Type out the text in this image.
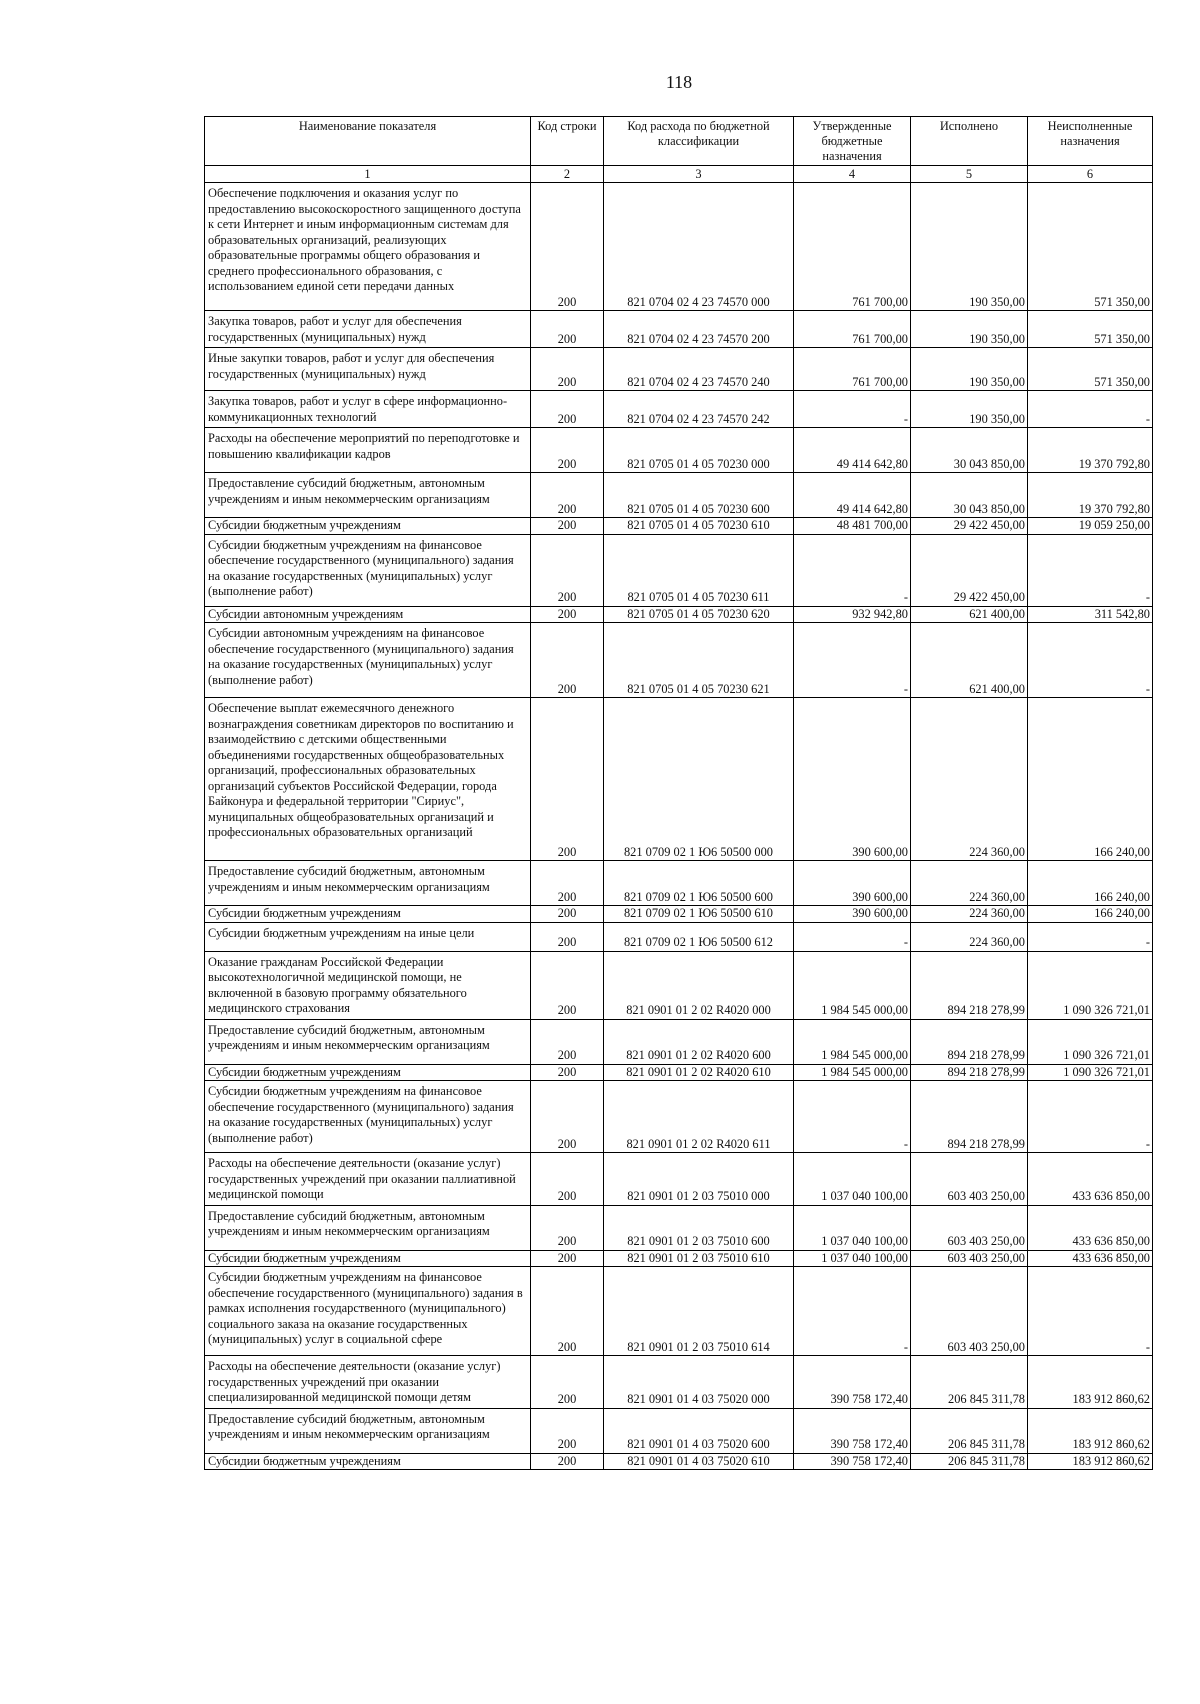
118
Наименование показателя	Код строки	Код расхода по бюджетной классификации	Утвержденные бюджетные назначения	Исполнено	Неисполненные назначения
1	2	3	4	5	6
Обеспечение подключения и оказания услуг по предоставлению высокоскоростного защищенного доступа к сети Интернет и иным информационным системам для образовательных организаций, реализующих образовательные программы общего образования и среднего профессионального образования, с использованием единой сети передачи данных	200	821 0704 02 4 23 74570 000	761 700,00	190 350,00	571 350,00
Закупка товаров, работ и услуг для обеспечения государственных (муниципальных) нужд	200	821 0704 02 4 23 74570 200	761 700,00	190 350,00	571 350,00
Иные закупки товаров, работ и услуг для обеспечения государственных (муниципальных) нужд	200	821 0704 02 4 23 74570 240	761 700,00	190 350,00	571 350,00
Закупка товаров, работ и услуг в сфере информационно-коммуникационных технологий	200	821 0704 02 4 23 74570 242	-	190 350,00	-
Расходы на обеспечение мероприятий по переподготовке и повышению квалификации кадров	200	821 0705 01 4 05 70230 000	49 414 642,80	30 043 850,00	19 370 792,80
Предоставление субсидий бюджетным, автономным учреждениям и иным некоммерческим организациям	200	821 0705 01 4 05 70230 600	49 414 642,80	30 043 850,00	19 370 792,80
Субсидии бюджетным учреждениям	200	821 0705 01 4 05 70230 610	48 481 700,00	29 422 450,00	19 059 250,00
Субсидии бюджетным учреждениям на финансовое обеспечение государственного (муниципального) задания на оказание государственных (муниципальных) услуг (выполнение работ)	200	821 0705 01 4 05 70230 611	-	29 422 450,00	-
Субсидии автономным учреждениям	200	821 0705 01 4 05 70230 620	932 942,80	621 400,00	311 542,80
Субсидии автономным учреждениям на финансовое обеспечение государственного (муниципального) задания на оказание государственных (муниципальных) услуг (выполнение работ)	200	821 0705 01 4 05 70230 621	-	621 400,00	-
Обеспечение выплат ежемесячного денежного вознаграждения советникам директоров по воспитанию и взаимодействию с детскими общественными объединениями государственных общеобразовательных организаций, профессиональных образовательных организаций субъектов Российской Федерации, города Байконура и федеральной территории "Сириус", муниципальных общеобразовательных организаций и профессиональных образовательных организаций	200	821 0709 02 1 Ю6 50500 000	390 600,00	224 360,00	166 240,00
Предоставление субсидий бюджетным, автономным учреждениям и иным некоммерческим организациям	200	821 0709 02 1 Ю6 50500 600	390 600,00	224 360,00	166 240,00
Субсидии бюджетным учреждениям	200	821 0709 02 1 Ю6 50500 610	390 600,00	224 360,00	166 240,00
Субсидии бюджетным учреждениям на иные цели	200	821 0709 02 1 Ю6 50500 612	-	224 360,00	-
Оказание гражданам Российской Федерации высокотехнологичной медицинской помощи, не включенной в базовую программу обязательного медицинского страхования	200	821 0901 01 2 02 R4020 000	1 984 545 000,00	894 218 278,99	1 090 326 721,01
Предоставление субсидий бюджетным, автономным учреждениям и иным некоммерческим организациям	200	821 0901 01 2 02 R4020 600	1 984 545 000,00	894 218 278,99	1 090 326 721,01
Субсидии бюджетным учреждениям	200	821 0901 01 2 02 R4020 610	1 984 545 000,00	894 218 278,99	1 090 326 721,01
Субсидии бюджетным учреждениям на финансовое обеспечение государственного (муниципального) задания на оказание государственных (муниципальных) услуг (выполнение работ)	200	821 0901 01 2 02 R4020 611	-	894 218 278,99	-
Расходы на обеспечение деятельности (оказание услуг) государственных учреждений при оказании паллиативной медицинской помощи	200	821 0901 01 2 03 75010 000	1 037 040 100,00	603 403 250,00	433 636 850,00
Предоставление субсидий бюджетным, автономным учреждениям и иным некоммерческим организациям	200	821 0901 01 2 03 75010 600	1 037 040 100,00	603 403 250,00	433 636 850,00
Субсидии бюджетным учреждениям	200	821 0901 01 2 03 75010 610	1 037 040 100,00	603 403 250,00	433 636 850,00
Субсидии бюджетным учреждениям на финансовое обеспечение государственного (муниципального) задания в рамках исполнения государственного (муниципального) социального заказа на оказание государственных (муниципальных) услуг в социальной сфере	200	821 0901 01 2 03 75010 614	-	603 403 250,00	-
Расходы на обеспечение деятельности (оказание услуг) государственных учреждений при оказании специализированной медицинской помощи детям	200	821 0901 01 4 03 75020 000	390 758 172,40	206 845 311,78	183 912 860,62
Предоставление субсидий бюджетным, автономным учреждениям и иным некоммерческим организациям	200	821 0901 01 4 03 75020 600	390 758 172,40	206 845 311,78	183 912 860,62
Субсидии бюджетным учреждениям	200	821 0901 01 4 03 75020 610	390 758 172,40	206 845 311,78	183 912 860,62
